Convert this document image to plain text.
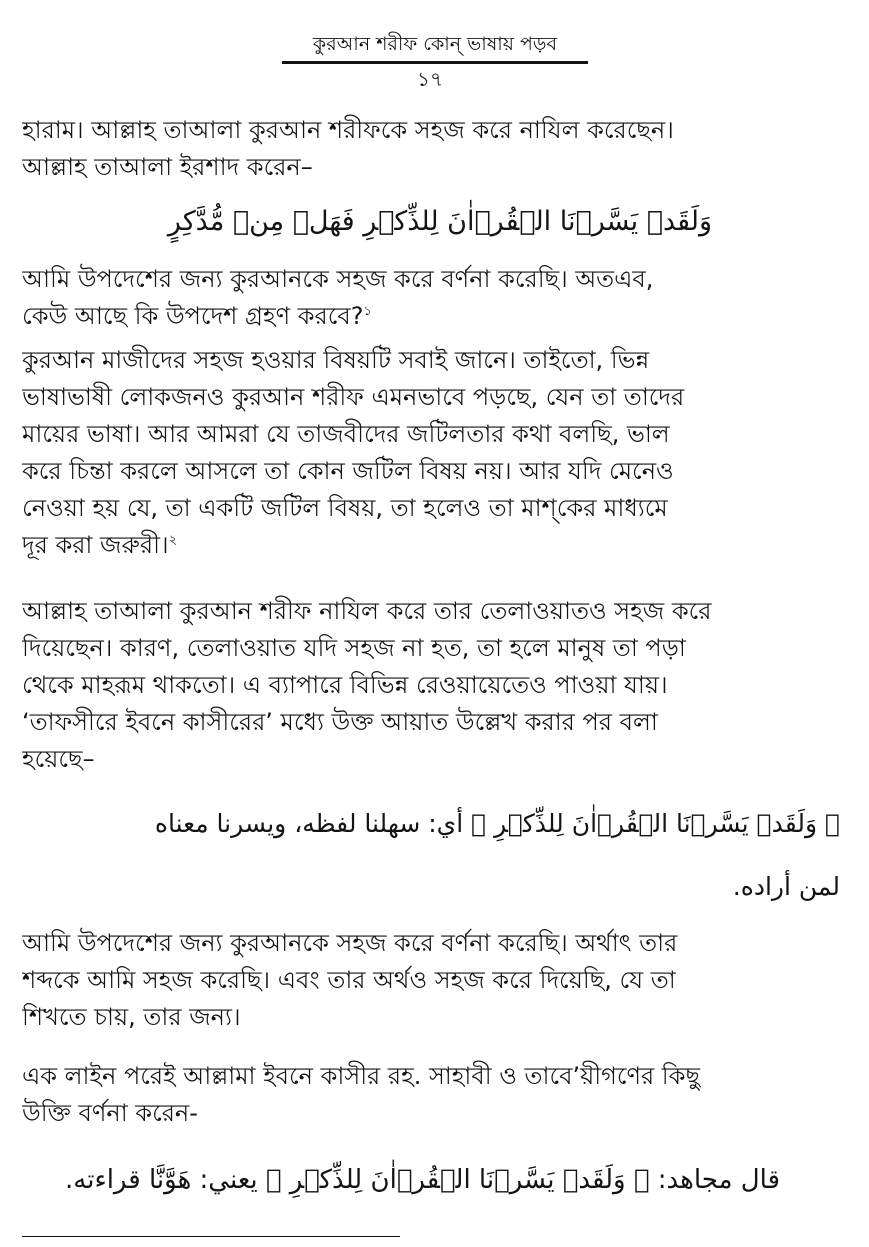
কুরআন শরীফ কোন্ ভাষায় পড়ব
১৭
হারাম। আল্লাহ তাআলা কুরআন শরীফকে সহজ করে নাযিল করেছেন।
আল্লাহ তাআলা ইরশাদ করেন–
وَلَقَدۡ يَسَّرۡنَا الۡقُرۡاٰنَ لِلذِّكۡرِ فَهَلۡ مِنۡ مُّدَّكِرٍ
আমি উপদেশের জন্য কুরআনকে সহজ করে বর্ণনা করেছি। অতএব,
কেউ আছে কি উপদেশ গ্রহণ করবে?$^১$
কুরআন মাজীদের সহজ হওয়ার বিষয়টি সবাই জানে। তাইতো, ভিন্ন
ভাষাভাষী লোকজনও কুরআন শরীফ এমনভাবে পড়ছে, যেন তা তাদের
মায়ের ভাষা। আর আমরা যে তাজবীদের জটিলতার কথা বলছি, ভাল
করে চিন্তা করলে আসলে তা কোন জটিল বিষয় নয়। আর যদি মেনেও
নেওয়া হয় যে, তা একটি জটিল বিষয়, তা হলেও তা মাশ্‌কের মাধ্যমে
দূর করা জরুরী।$^২$
আল্লাহ তাআলা কুরআন শরীফ নাযিল করে তার তেলাওয়াতও সহজ করে
দিয়েছেন। কারণ, তেলাওয়াত যদি সহজ না হত, তা হলে মানুষ তা পড়া
থেকে মাহরূম থাকতো। এ ব্যাপারে বিভিন্ন রেওয়ায়েতেও পাওয়া যায়।
‘তাফসীরে ইবনে কাসীরের’ মধ্যে উক্ত আয়াত উল্লেখ করার পর বলা
হয়েছে–
﴿ وَلَقَدۡ يَسَّرۡنَا الۡقُرۡاٰنَ لِلذِّكۡرِ ﴾ أي: سهلنا لفظه، ويسرنا معناه
لمن أراده.
আমি উপদেশের জন্য কুরআনকে সহজ করে বর্ণনা করেছি। অর্থাৎ তার
শব্দকে আমি সহজ করেছি। এবং তার অর্থও সহজ করে দিয়েছি, যে তা
শিখতে চায়, তার জন্য।
এক লাইন পরেই আল্লামা ইবনে কাসীর রহ. সাহাবী ও তাবে’য়ীগণের কিছু
উক্তি বর্ণনা করেন-
قال مجاهد: ﴿ وَلَقَدۡ يَسَّرۡنَا الۡقُرۡاٰنَ لِلذِّكۡرِ ﴾ يعني: هَوَّنَّا قراءته.
